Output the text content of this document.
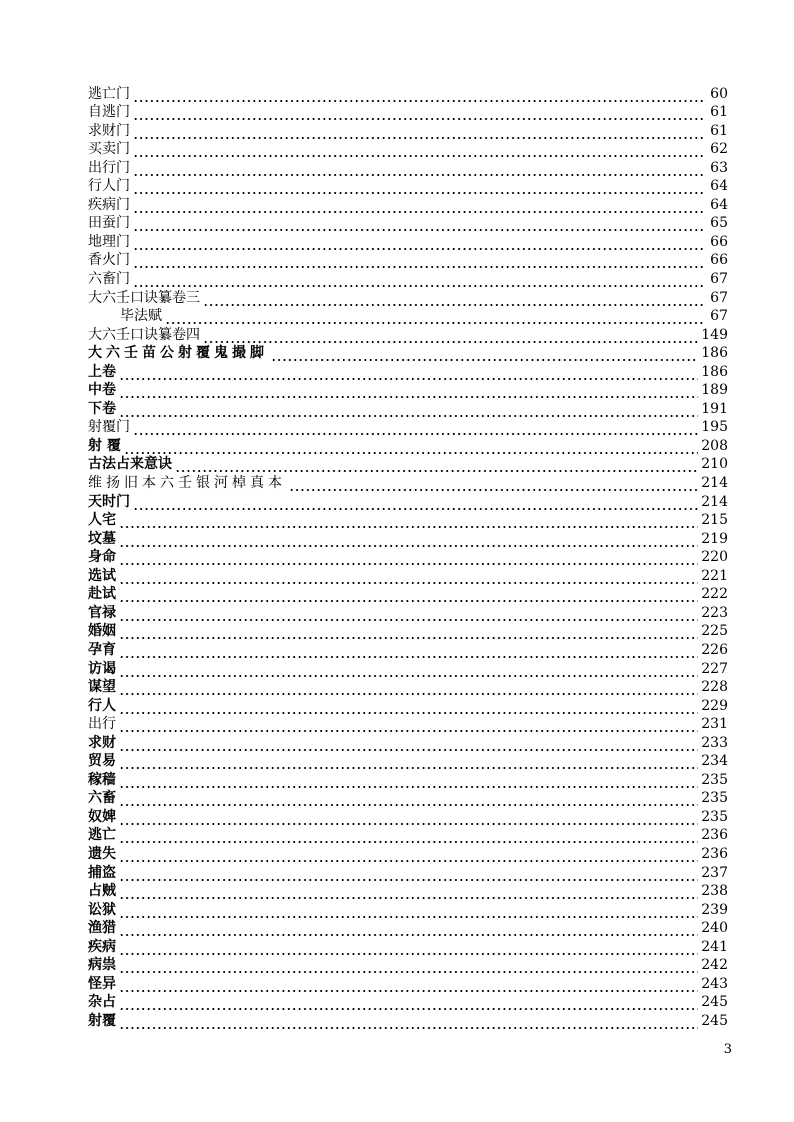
逃亡门	60
自逃门	61
求财门	61
买卖门	62
出行门	63
行人门	64
疾病门	64
田蚕门	65
地理门	66
香火门	66
六畜门	67
大六壬口诀纂卷三	67
毕法赋	67
大六壬口诀纂卷四	149
大六壬苗公射覆鬼撮脚	186
上卷	186
中卷	189
下卷	191
射覆门	195
射 覆	208
古法占来意诀	210
维扬旧本六壬银河棹真本	214
天时门	214
人宅	215
坟墓	219
身命	220
选试	221
赴试	222
官禄	223
婚姻	225
孕育	226
访谒	227
谋望	228
行人	229
出行	231
求财	233
贸易	234
稼穑	235
六畜	235
奴婢	235
逃亡	236
遗失	236
捕盗	237
占贼	238
讼狱	239
渔猎	240
疾病	241
病祟	242
怪异	243
杂占	245
射覆	245
3
